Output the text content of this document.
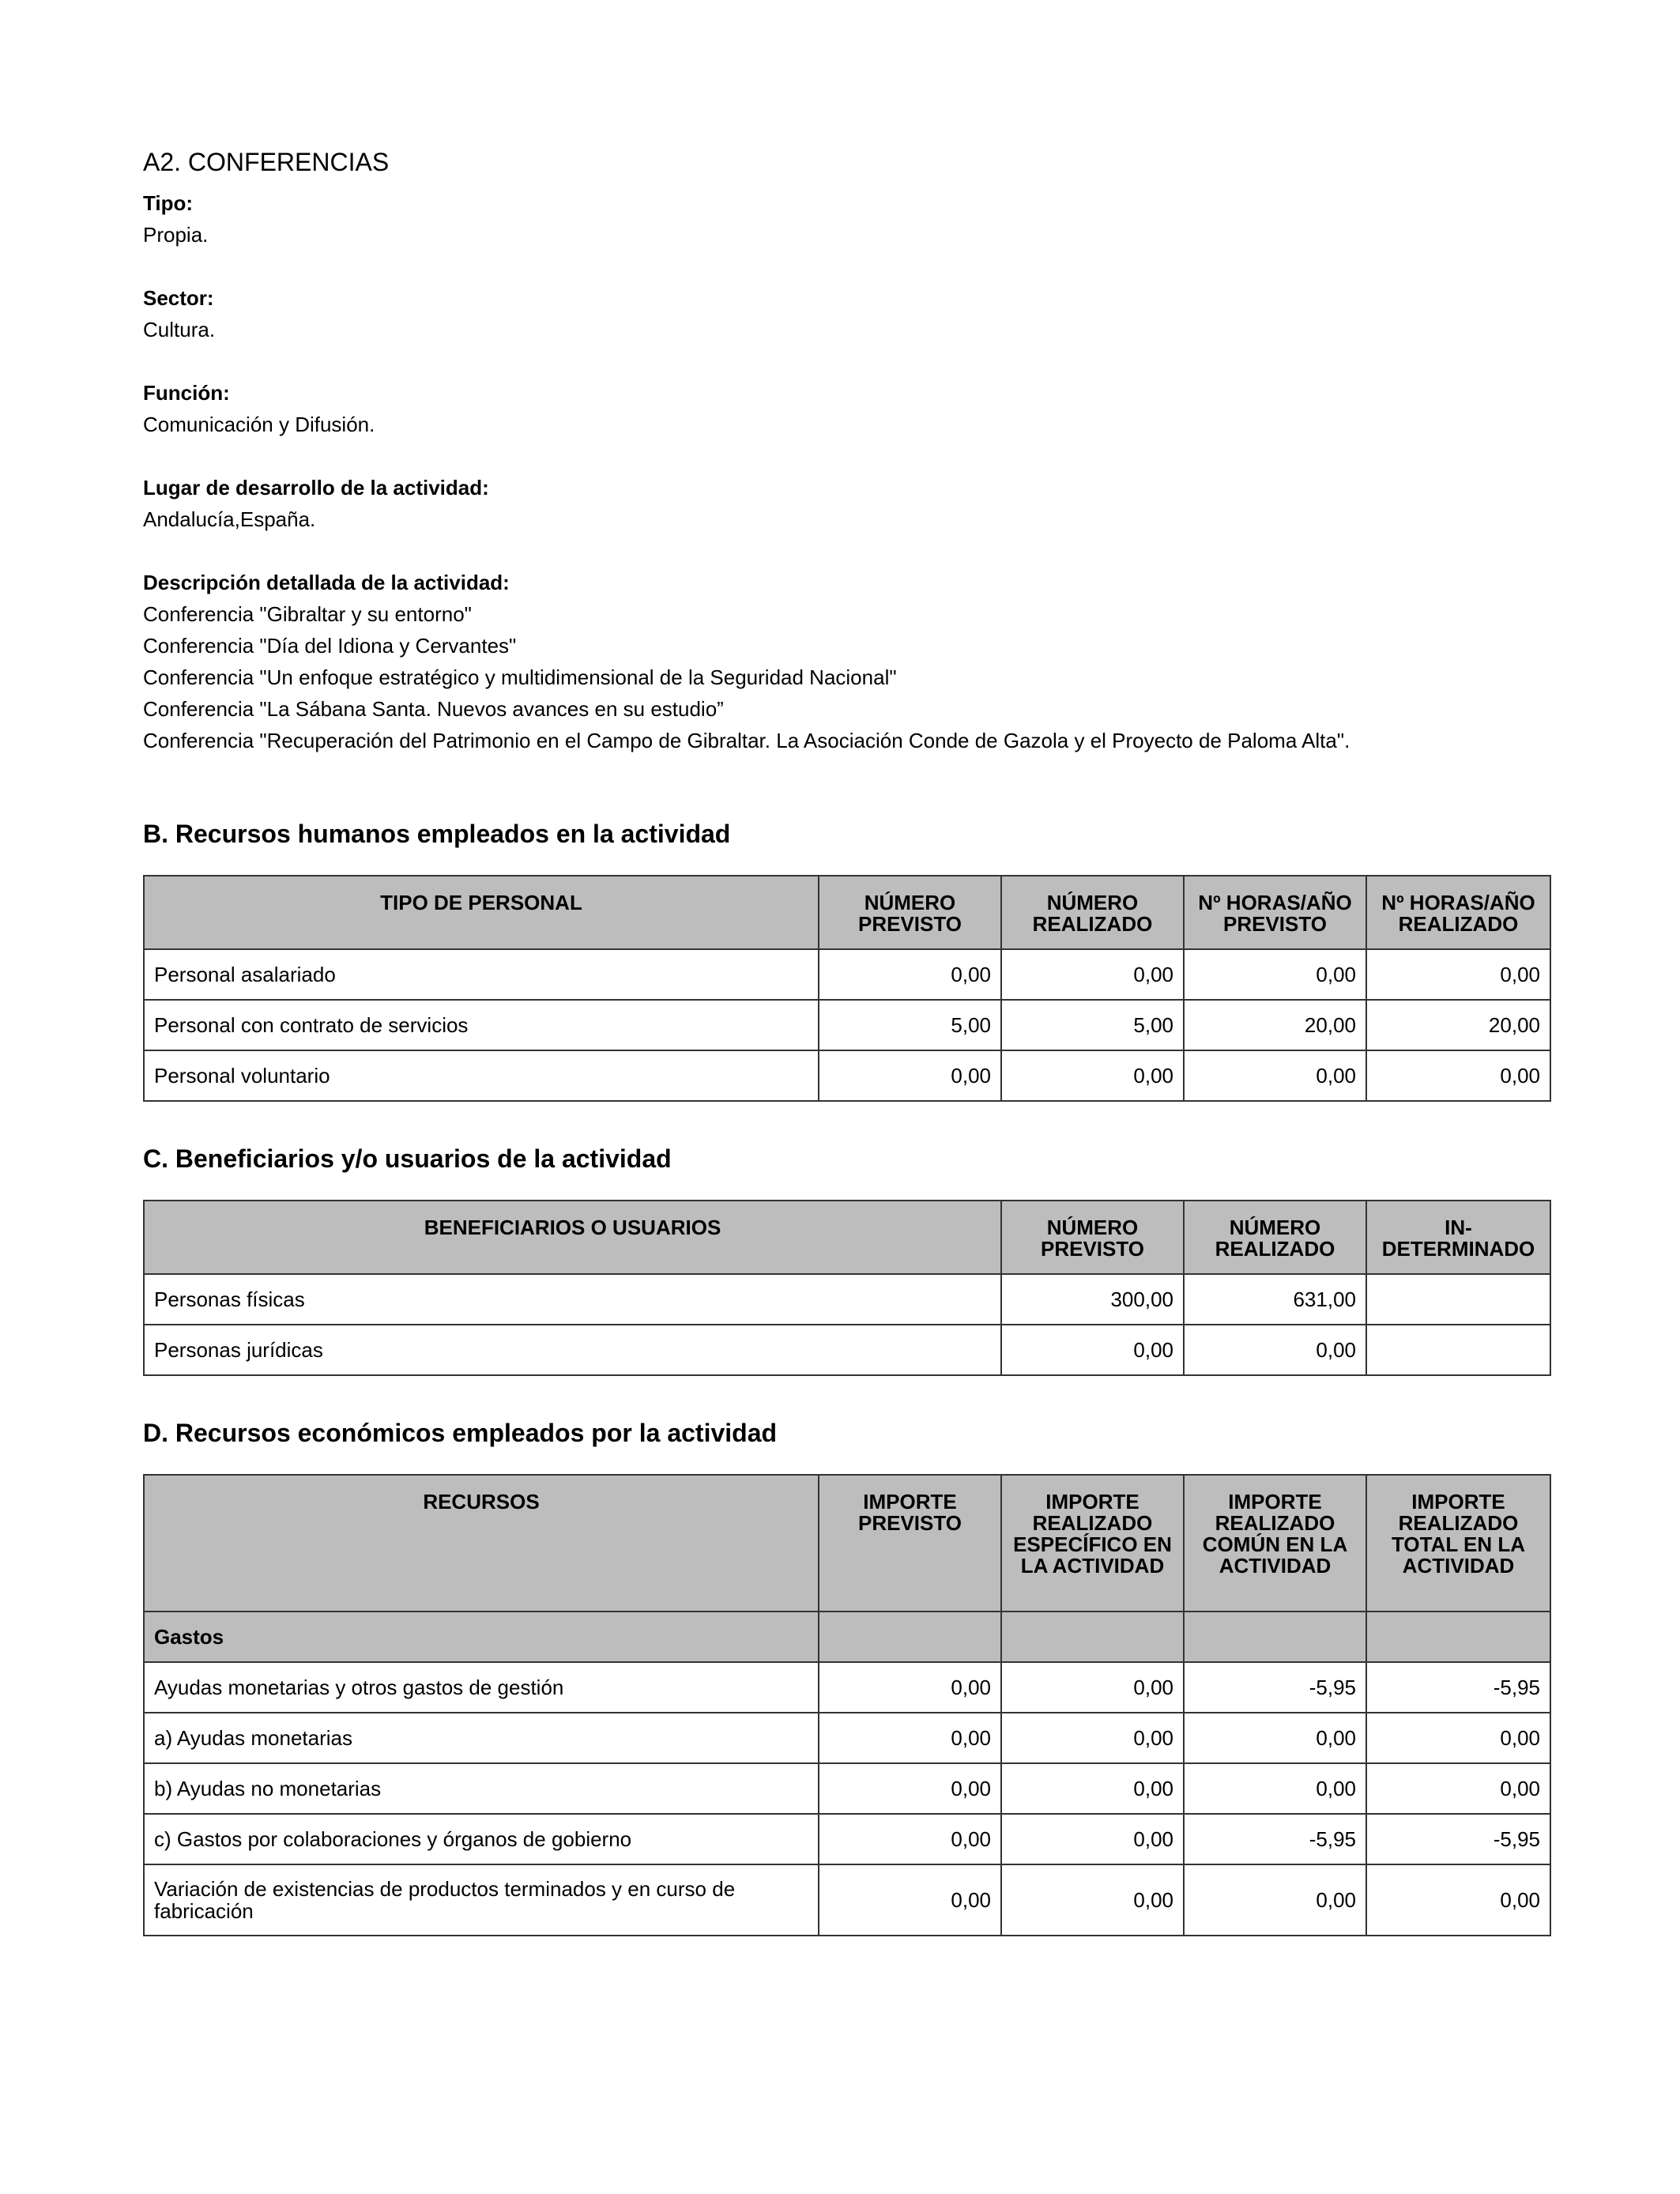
A2. CONFERENCIAS
Tipo:
Propia.
Sector:
Cultura.
Función:
Comunicación y Difusión.
Lugar de desarrollo de la actividad:
Andalucía,España.
Descripción detallada de la actividad:
Conferencia "Gibraltar y su entorno"
Conferencia "Día del Idiona y Cervantes"
Conferencia "Un enfoque estratégico y multidimensional de la Seguridad Nacional"
Conferencia "La Sábana Santa. Nuevos avances en su estudio”
Conferencia "Recuperación del Patrimonio en el Campo de Gibraltar. La Asociación Conde de Gazola y el Proyecto de Paloma Alta".
B. Recursos humanos empleados en la actividad
TIPO DE PERSONAL	NÚMERO PREVISTO	NÚMERO REALIZADO	Nº HORAS/AÑO PREVISTO	Nº HORAS/AÑO REALIZADO
Personal asalariado	0,00	0,00	0,00	0,00
Personal con contrato de servicios	5,00	5,00	20,00	20,00
Personal voluntario	0,00	0,00	0,00	0,00
C. Beneficiarios y/o usuarios de la actividad
BENEFICIARIOS O USUARIOS	NÚMERO PREVISTO	NÚMERO REALIZADO	IN- DETERMINADO
Personas físicas	300,00	631,00	
Personas jurídicas	0,00	0,00	
D. Recursos económicos empleados por la actividad
RECURSOS	IMPORTE PREVISTO	IMPORTE REALIZADO ESPECÍFICO EN LA ACTIVIDAD	IMPORTE REALIZADO COMÚN EN LA ACTIVIDAD	IMPORTE REALIZADO TOTAL EN LA ACTIVIDAD
Gastos				
Ayudas monetarias y otros gastos de gestión	0,00	0,00	-5,95	-5,95
a) Ayudas monetarias	0,00	0,00	0,00	0,00
b) Ayudas no monetarias	0,00	0,00	0,00	0,00
c) Gastos por colaboraciones y órganos de gobierno	0,00	0,00	-5,95	-5,95
Variación de existencias de productos terminados y en curso de fabricación	0,00	0,00	0,00	0,00
